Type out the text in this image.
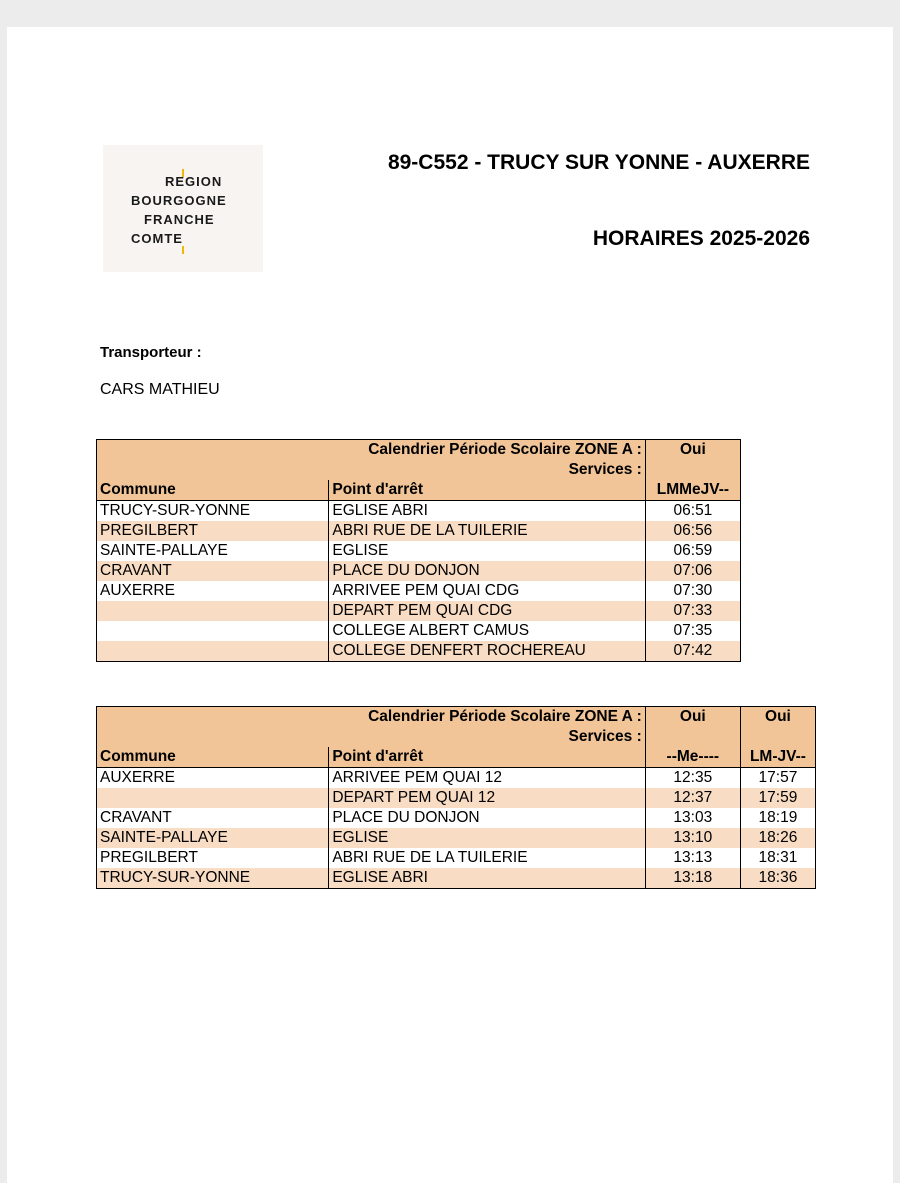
REGION
BOURGOGNE
FRANCHE
COMTE
89-C552 - TRUCY SUR YONNE - AUXERRE
HORAIRES 2025-2026
Transporteur :
CARS MATHIEU
Calendrier Période Scolaire ZONE A :		Oui
Services :		
Commune	Point d'arrêt	LMMeJV--
TRUCY-SUR-YONNE	EGLISE ABRI	06:51
PREGILBERT	ABRI RUE DE LA TUILERIE	06:56
SAINTE-PALLAYE	EGLISE	06:59
CRAVANT	PLACE DU DONJON	07:06
AUXERRE	ARRIVEE PEM QUAI CDG	07:30
	DEPART PEM QUAI CDG	07:33
	COLLEGE ALBERT CAMUS	07:35
	COLLEGE DENFERT ROCHEREAU	07:42
Calendrier Période Scolaire ZONE A :		Oui	Oui
Services :			
Commune	Point d'arrêt	--Me----	LM-JV--
AUXERRE	ARRIVEE PEM QUAI 12	12:35	17:57
	DEPART PEM QUAI 12	12:37	17:59
CRAVANT	PLACE DU DONJON	13:03	18:19
SAINTE-PALLAYE	EGLISE	13:10	18:26
PREGILBERT	ABRI RUE DE LA TUILERIE	13:13	18:31
TRUCY-SUR-YONNE	EGLISE ABRI	13:18	18:36
